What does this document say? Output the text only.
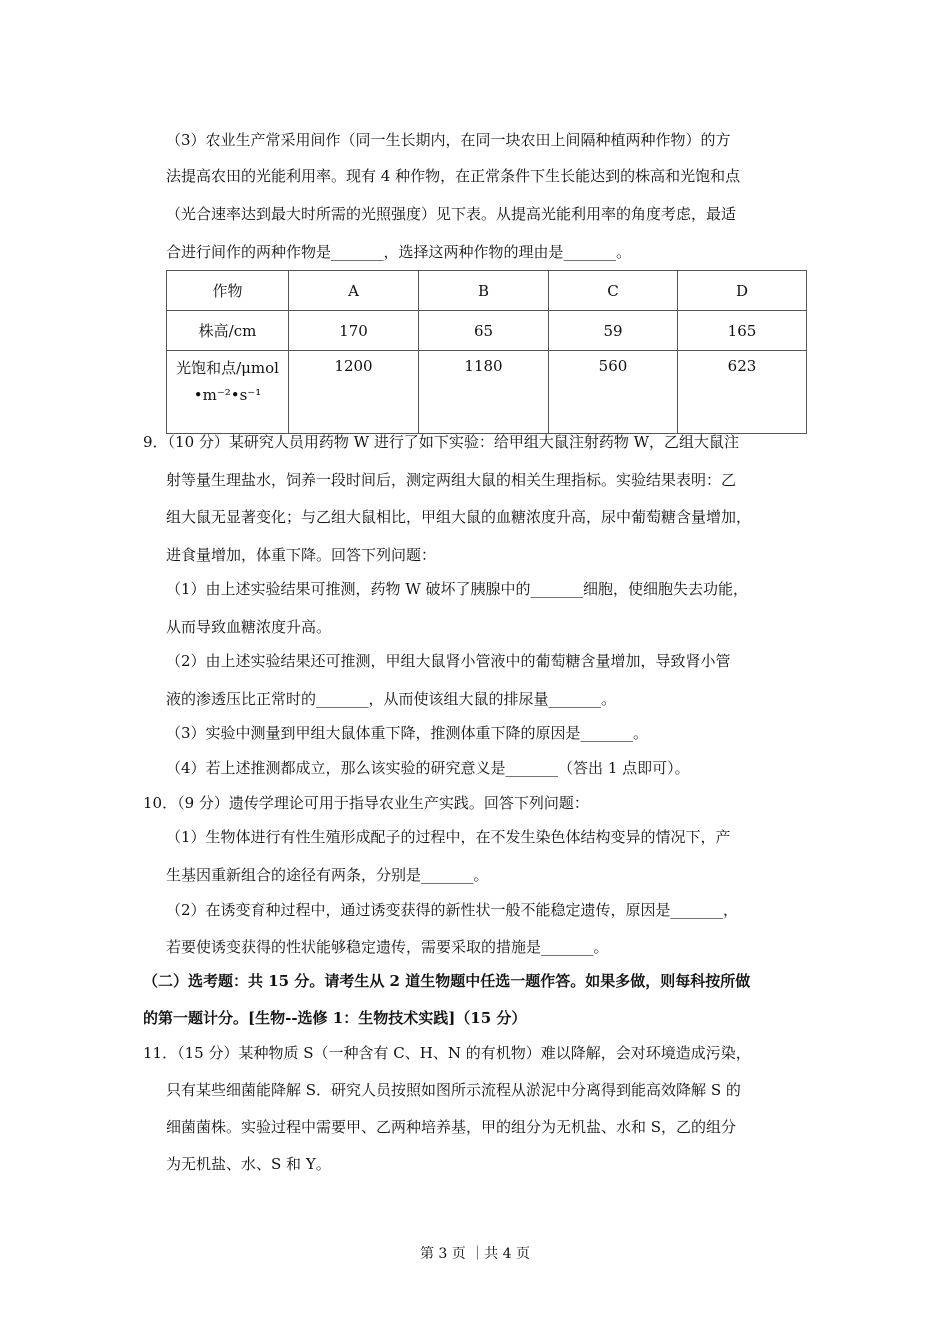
（3）农业生产常采用间作（同一生长期内，在同一块农田上间隔种植两种作物）的方
法提高农田的光能利用率。现有 4 种作物，在正常条件下生长能达到的株高和光饱和点
（光合速率达到最大时所需的光照强度）见下表。从提高光能利用率的角度考虑，最适
合进行间作的两种作物是_______，选择这两种作物的理由是_______。
作物	A	B	C	D
株高/cm	170	65	59	165
光饱和点/μmol
•m⁻²•s⁻¹	1200	1180	560	623
9．（10 分）某研究人员用药物 W 进行了如下实验：给甲组大鼠注射药物 W，乙组大鼠注
射等量生理盐水，饲养一段时间后，测定两组大鼠的相关生理指标。实验结果表明：乙
组大鼠无显著变化；与乙组大鼠相比，甲组大鼠的血糖浓度升高，尿中葡萄糖含量增加，
进食量增加，体重下降。回答下列问题：
（1）由上述实验结果可推测，药物 W 破坏了胰腺中的_______细胞，使细胞失去功能，
从而导致血糖浓度升高。
（2）由上述实验结果还可推测，甲组大鼠肾小管液中的葡萄糖含量增加，导致肾小管
液的渗透压比正常时的_______，从而使该组大鼠的排尿量_______。
（3）实验中测量到甲组大鼠体重下降，推测体重下降的原因是_______。
（4）若上述推测都成立，那么该实验的研究意义是_______（答出 1 点即可）。
10．（9 分）遗传学理论可用于指导农业生产实践。回答下列问题：
（1）生物体进行有性生殖形成配子的过程中，在不发生染色体结构变异的情况下，产
生基因重新组合的途径有两条，分别是_______。
（2）在诱变育种过程中，通过诱变获得的新性状一般不能稳定遗传，原因是_______，
若要使诱变获得的性状能够稳定遗传，需要采取的措施是_______。
（二）选考题：共 15 分。请考生从 2 道生物题中任选一题作答。如果多做，则每科按所做
的第一题计分。[生物--选修 1：生物技术实践]（15 分）
11．（15 分）某种物质 S（一种含有 C、H、N 的有机物）难以降解，会对环境造成污染，
只有某些细菌能降解 S．研究人员按照如图所示流程从淤泥中分离得到能高效降解 S 的
细菌菌株。实验过程中需要甲、乙两种培养基，甲的组分为无机盐、水和 S，乙的组分
为无机盐、水、S 和 Y。
第 3 页 ｜共 4 页
